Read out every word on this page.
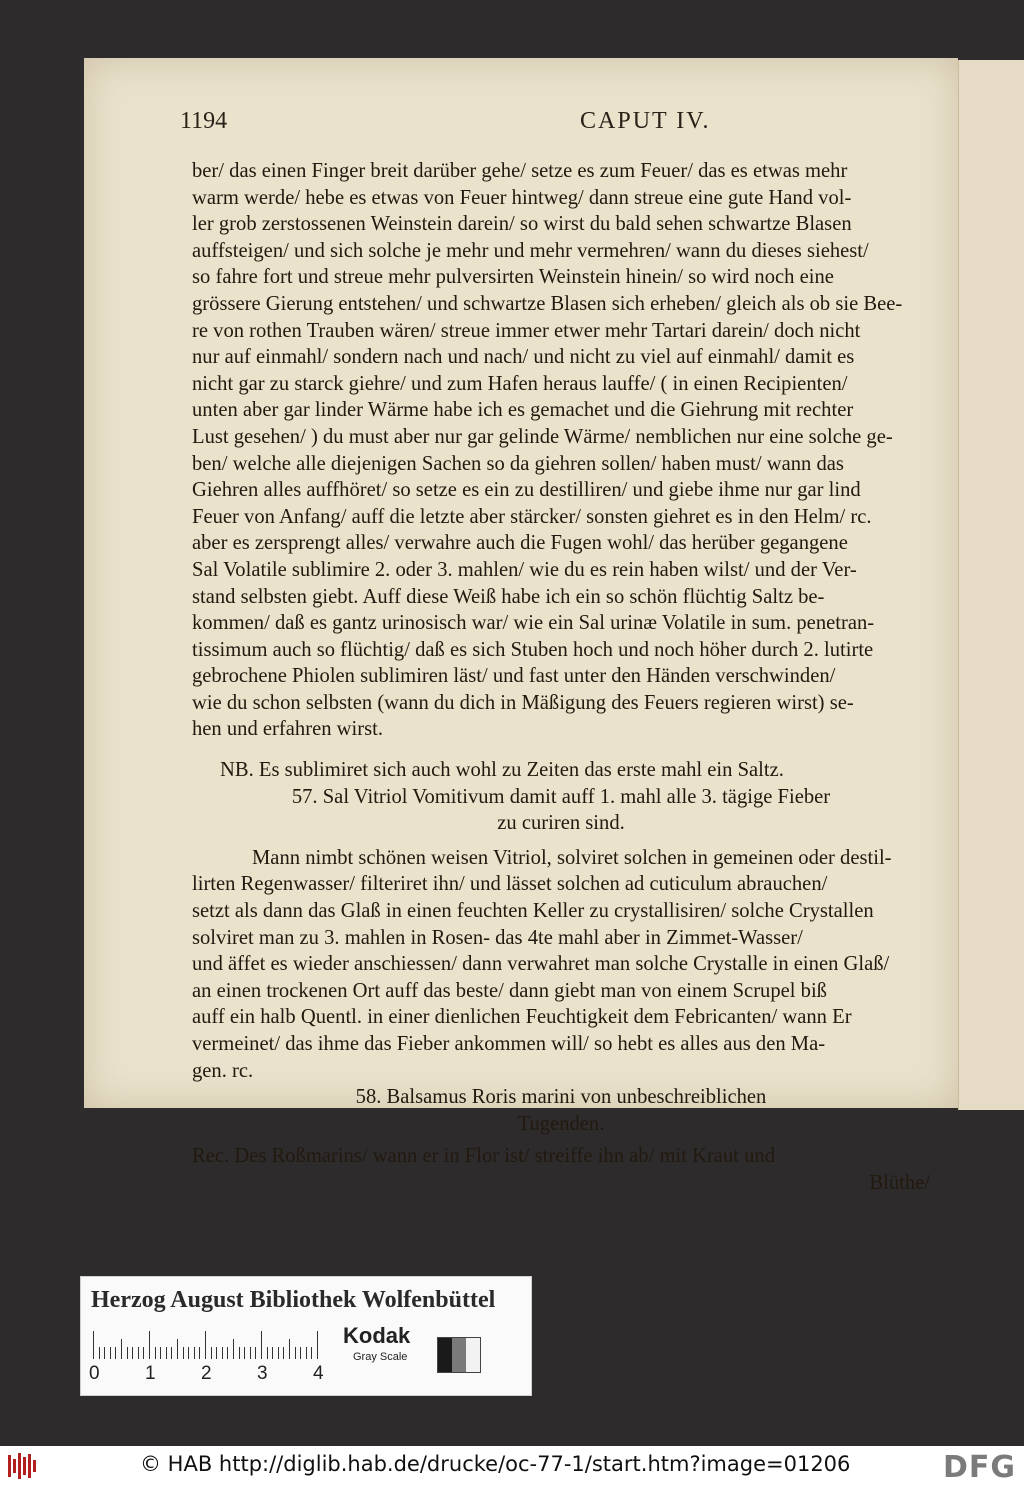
1194	CAPUT IV.
ber/ das einen Finger breit darüber gehe/ setze es zum Feuer/ das es etwas mehr
warm werde/ hebe es etwas von Feuer hintweg/ dann streue eine gute Hand vol-
ler grob zerstossenen Weinstein darein/ so wirst du bald sehen schwartze Blasen
auffsteigen/ und sich solche je mehr und mehr vermehren/ wann du dieses siehest/
so fahre fort und streue mehr pulversirten Weinstein hinein/ so wird noch eine
grössere Gierung entstehen/ und schwartze Blasen sich erheben/ gleich als ob sie Bee-
re von rothen Trauben wären/ streue immer etwer mehr Tartari darein/ doch nicht
nur auf einmahl/ sondern nach und nach/ und nicht zu viel auf einmahl/ damit es
nicht gar zu starck giehre/ und zum Hafen heraus lauffe/ ( in einen Recipienten/
unten aber gar linder Wärme habe ich es gemachet und die Giehrung mit rechter
Lust gesehen/ ) du must aber nur gar gelinde Wärme/ nemblichen nur eine solche ge-
ben/ welche alle diejenigen Sachen so da giehren sollen/ haben must/ wann das
Giehren alles auffhöret/ so setze es ein zu destilliren/ und giebe ihme nur gar lind
Feuer von Anfang/ auff die letzte aber stärcker/ sonsten giehret es in den Helm/ rc.
aber es zersprengt alles/ verwahre auch die Fugen wohl/ das herüber gegangene
Sal Volatile sublimire 2. oder 3. mahlen/ wie du es rein haben wilst/ und der Ver-
stand selbsten giebt. Auff diese Weiß habe ich ein so schön flüchtig Saltz be-
kommen/ daß es gantz urinosisch war/ wie ein Sal urinæ Volatile in sum. penetran-
tissimum auch so flüchtig/ daß es sich Stuben hoch und noch höher durch 2. lutirte
gebrochene Phiolen sublimiren läst/ und fast unter den Händen verschwinden/
wie du schon selbsten (wann du dich in Mäßigung des Feuers regieren wirst) se-
hen und erfahren wirst.
NB. Es sublimiret sich auch wohl zu Zeiten das erste mahl ein Saltz.
57. Sal Vitriol Vomitivum damit auff 1. mahl alle 3. tägige Fieber
zu curiren sind.
Mann nimbt schönen weisen Vitriol, solviret solchen in gemeinen oder destil-
lirten Regenwasser/ filteriret ihn/ und lässet solchen ad cuticulum abrauchen/
setzt als dann das Glaß in einen feuchten Keller zu crystallisiren/ solche Crystallen
solviret man zu 3. mahlen in Rosen- das 4te mahl aber in Zimmet-Wasser/
und äffet es wieder anschiessen/ dann verwahret man solche Crystalle in einen Glaß/
an einen trockenen Ort auff das beste/ dann giebt man von einem Scrupel biß
auff ein halb Quentl. in einer dienlichen Feuchtigkeit dem Febricanten/ wann Er
vermeinet/ das ihme das Fieber ankommen will/ so hebt es alles aus den Ma-
gen. rc.
58. Balsamus Roris marini von unbeschreiblichen
Tugenden.
Rec. Des Roßmarins/ wann er in Flor ist/ streiffe ihn ab/ mit Kraut und
Blüthe/
Herzog August Bibliothek Wolfenbüttel
0 1 2 3 4
Kodak
Gray Scale
© HAB http://diglib.hab.de/drucke/oc-77-1/start.htm?image=01206	DFG
